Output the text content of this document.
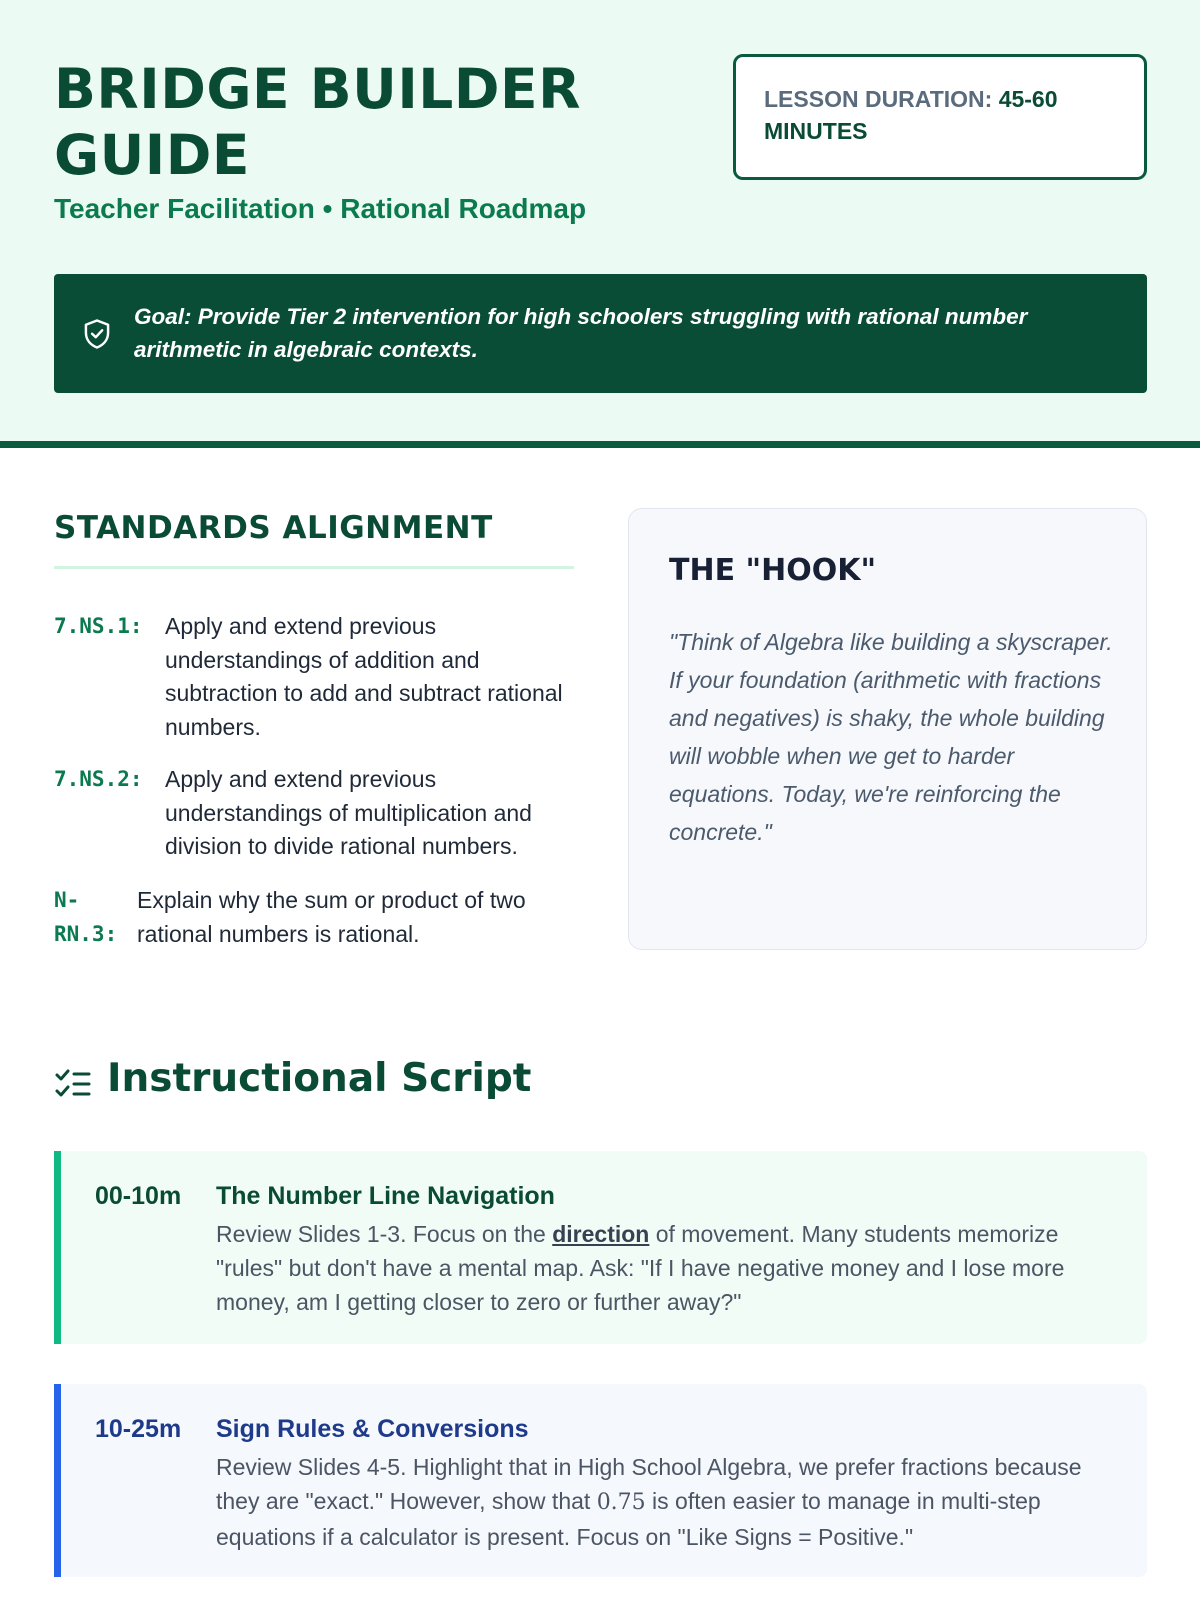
BRIDGE BUILDER
GUIDE
Teacher Facilitation • Rational Roadmap
LESSON DURATION: 45-60
MINUTES
Goal: Provide Tier 2 intervention for high schoolers struggling with rational number arithmetic in algebraic contexts.
STANDARDS ALIGNMENT
7.NS.1: Apply and extend previous understandings of addition and subtraction to add and subtract rational numbers.
7.NS.2: Apply and extend previous understandings of multiplication and division to divide rational numbers.
N-
RN.3:
Explain why the sum or product of two rational numbers is rational.
THE "HOOK"

"Think of Algebra like building a skyscraper. If your foundation (arithmetic with fractions and negatives) is shaky, the whole building will wobble when we get to harder equations. Today, we're reinforcing the concrete."

Instructional Script
00-10m The Number Line Navigation

Review Slides 1-3. Focus on the direction of movement. Many students memorize "rules" but don't have a mental map. Ask: "If I have negative money and I lose more money, am I getting closer to zero or further away?"

10-25m Sign Rules & Conversions

Review Slides 4-5. Highlight that in High School Algebra, we prefer fractions because they are "exact." However, show that 0.75 is often easier to manage in multi-step equations if a calculator is present. Focus on "Like Signs = Positive."
